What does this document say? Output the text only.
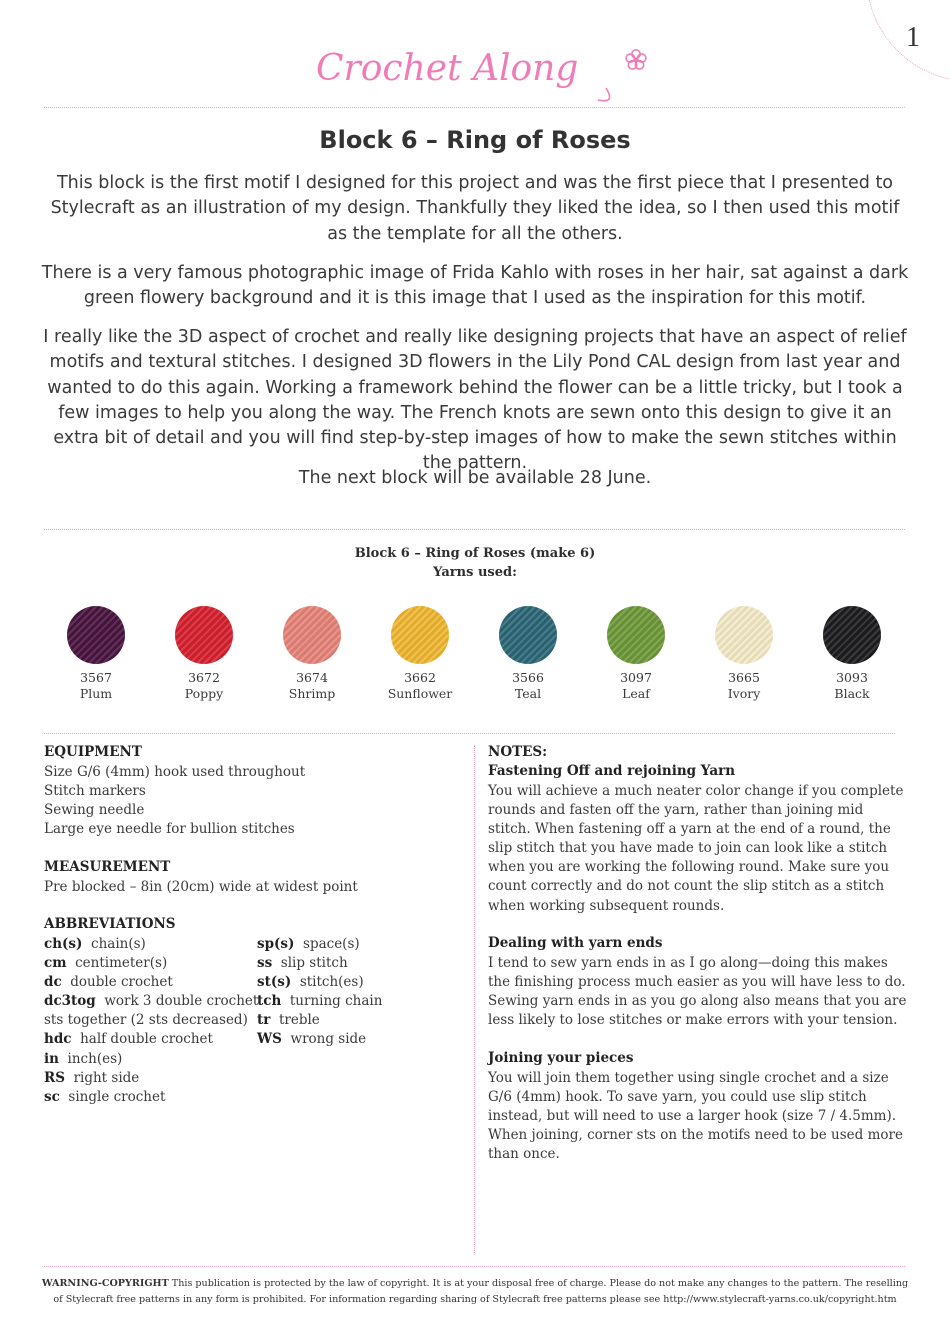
1
Crochet Along
Block 6 – Ring of Roses

This block is the first motif I designed for this project and was the first piece that I presented to Stylecraft as an illustration of my design. Thankfully they liked the idea, so I then used this motif as the template for all the others.

There is a very famous photographic image of Frida Kahlo with roses in her hair, sat against a dark green flowery background and it is this image that I used as the inspiration for this motif.

I really like the 3D aspect of crochet and really like designing projects that have an aspect of relief motifs and textural stitches. I designed 3D flowers in the Lily Pond CAL design from last year and wanted to do this again. Working a framework behind the flower can be a little tricky, but I took a few images to help you along the way. The French knots are sewn onto this design to give it an extra bit of detail and you will find step-by-step images of how to make the sewn stitches within the pattern.

The next block will be available 28 June.

Block 6 – Ring of Roses (make 6)
Yarns used:
3567
Plum
3672
Poppy
3674
Shrimp
3662
Sunflower
3566
Teal
3097
Leaf
3665
Ivory
3093
Black
EQUIPMENT
Size G/6 (4mm) hook used throughout
Stitch markers
Sewing needle
Large eye needle for bullion stitches
MEASUREMENT
Pre blocked – 8in (20cm) wide at widest point
ABBREVIATIONS
ch(s) chain(s)
cm centimeter(s)
dc double crochet
dc3tog work 3 double crochet
sts together (2 sts decreased)
hdc half double crochet
in inch(es)
RS right side
sc single crochet
sp(s) space(s)
ss slip stitch
st(s) stitch(es)
tch turning chain
tr treble
WS wrong side
NOTES:
Fastening Off and rejoining Yarn

You will achieve a much neater color change if you complete rounds and fasten off the yarn, rather than joining mid stitch. When fastening off a yarn at the end of a round, the slip stitch that you have made to join can look like a stitch when you are working the following round. Make sure you count correctly and do not count the slip stitch as a stitch when working subsequent rounds.

Dealing with yarn ends

I tend to sew yarn ends in as I go along—doing this makes the finishing process much easier as you will have less to do. Sewing yarn ends in as you go along also means that you are less likely to lose stitches or make errors with your tension.

Joining your pieces

You will join them together using single crochet and a size G/6 (4mm) hook. To save yarn, you could use slip stitch instead, but will need to use a larger hook (size 7 / 4.5mm). When joining, corner sts on the motifs need to be used more than once.

WARNING-COPYRIGHT This publication is protected by the law of copyright. It is at your disposal free of charge. Please do not make any changes to the pattern. The reselling of Stylecraft free patterns in any form is prohibited. For information regarding sharing of Stylecraft free patterns please see http://www.stylecraft-yarns.co.uk/copyright.htm
